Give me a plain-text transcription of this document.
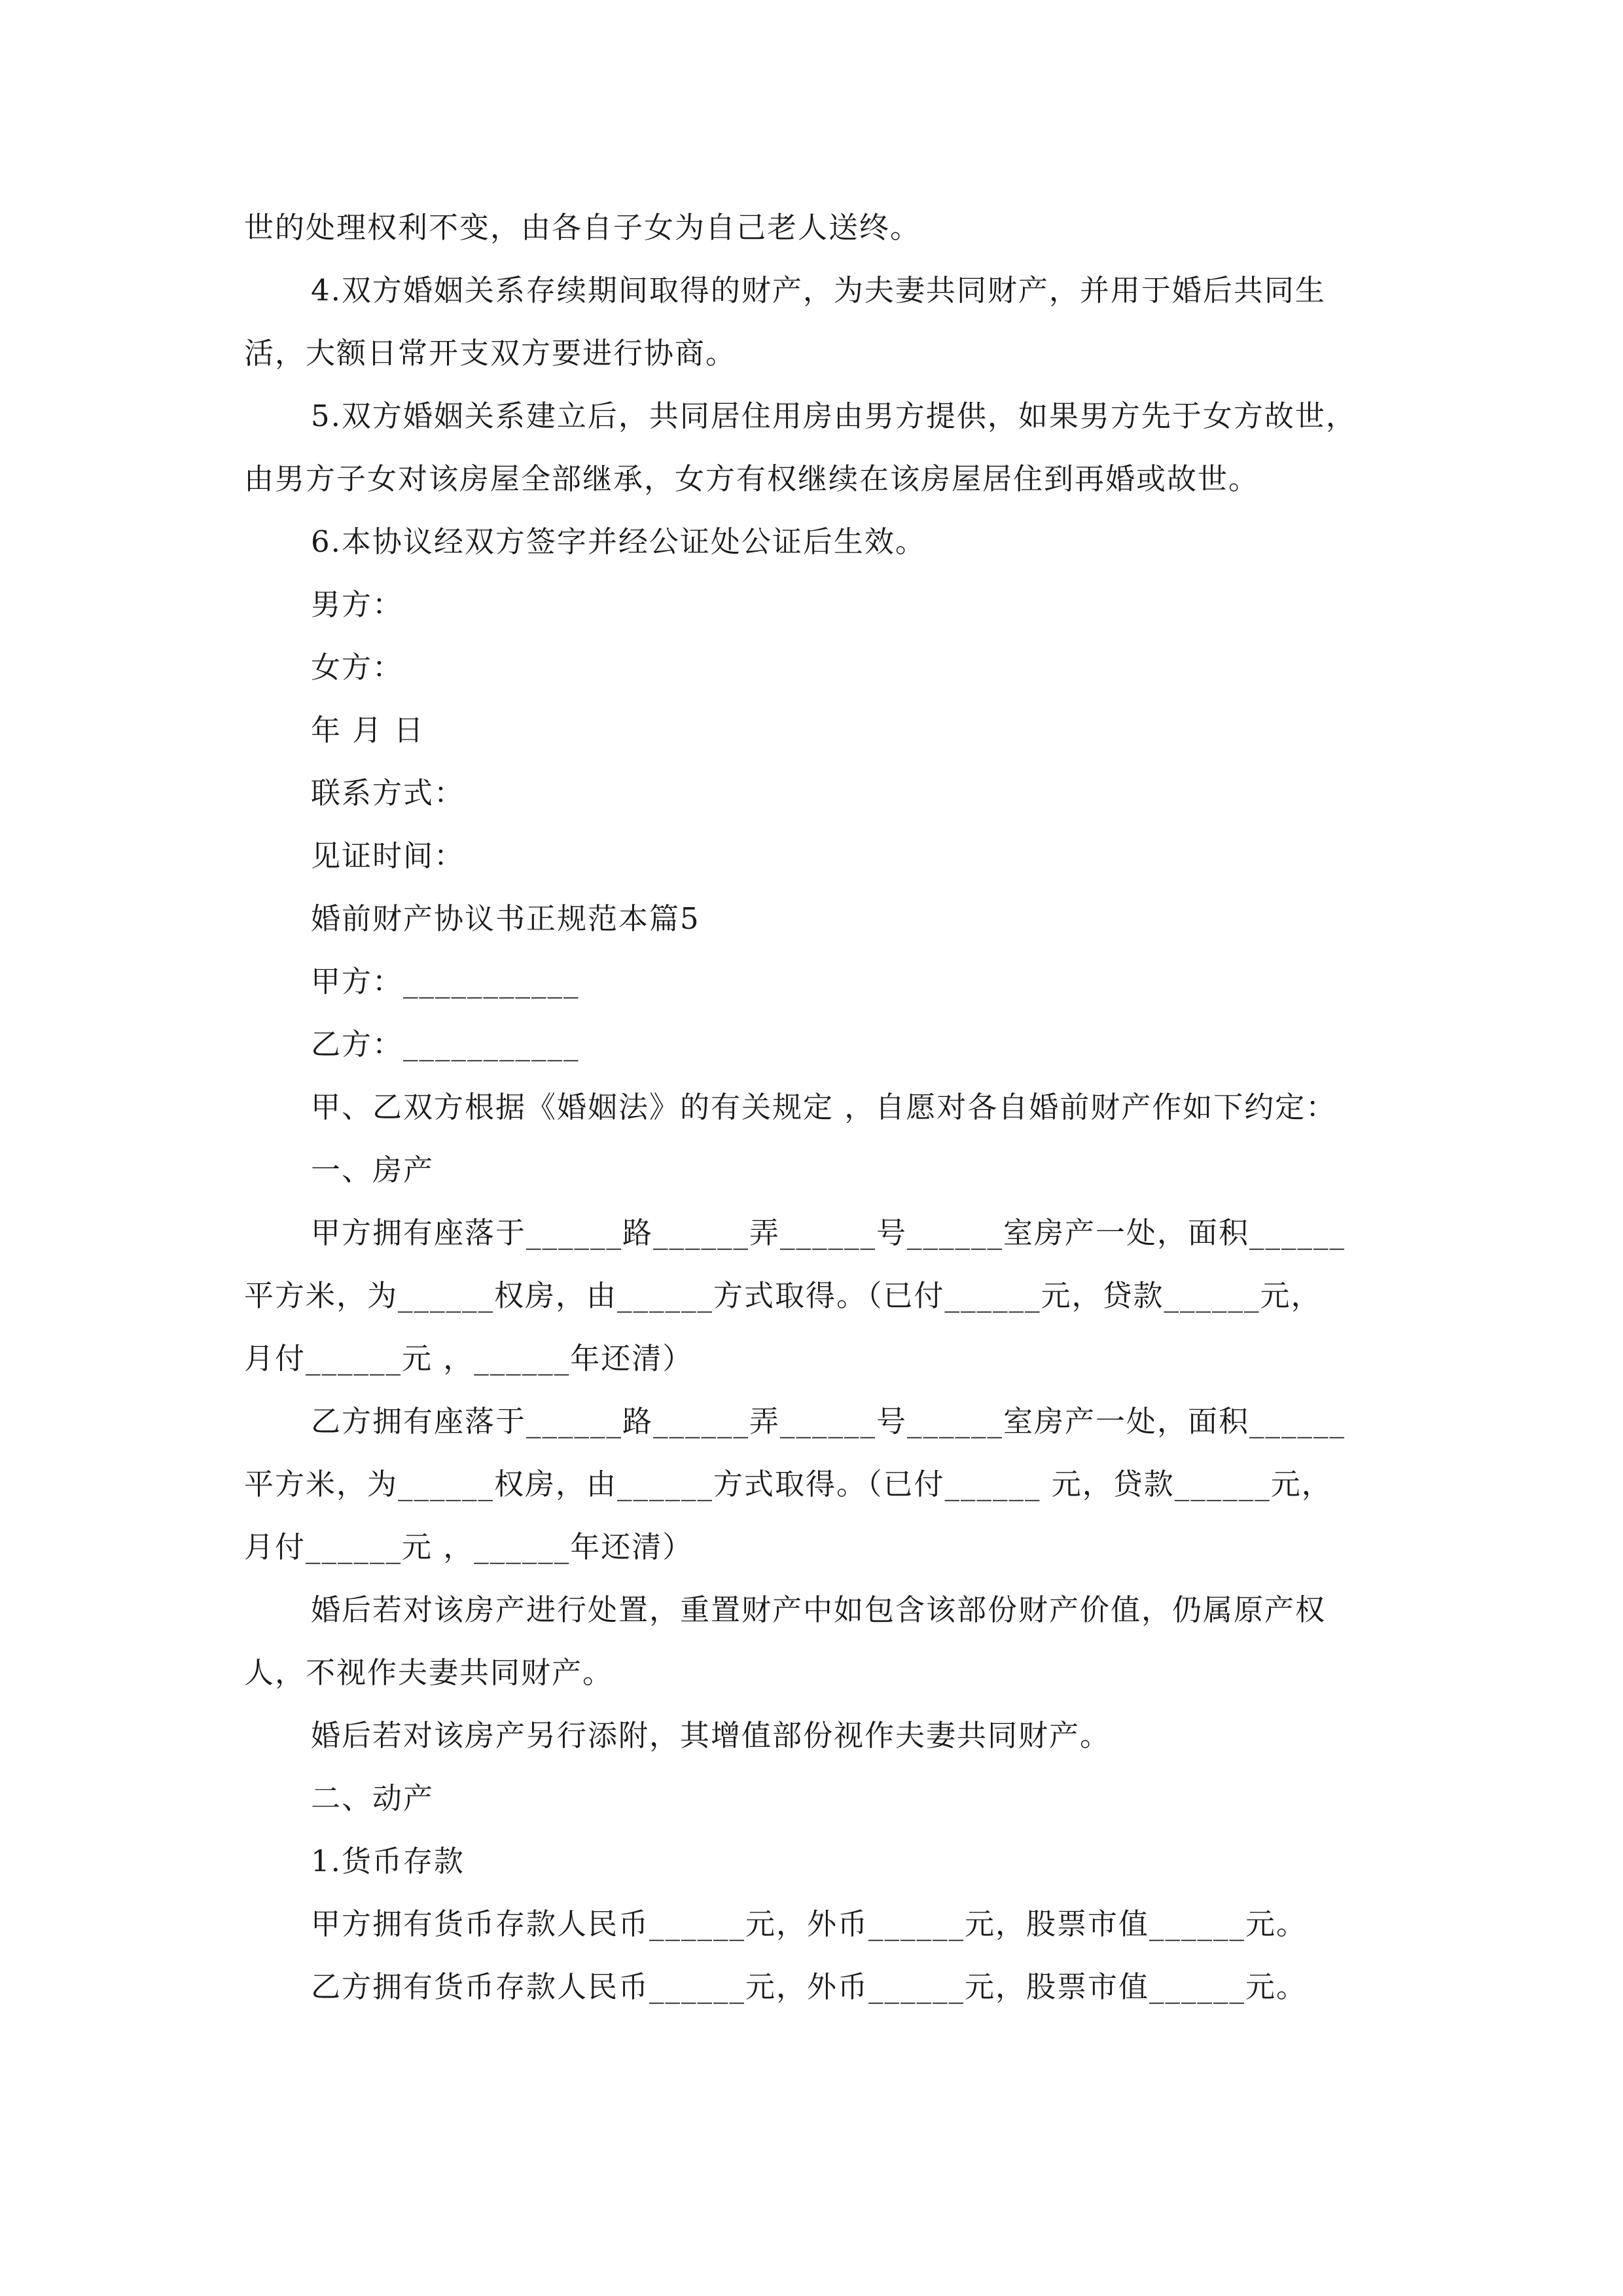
世的处理权利不变，由各自子女为自己老人送终。
4.双方婚姻关系存续期间取得的财产，为夫妻共同财产，并用于婚后共同生
活，大额日常开支双方要进行协商。
5.双方婚姻关系建立后，共同居住用房由男方提供，如果男方先于女方故世，
由男方子女对该房屋全部继承，女方有权继续在该房屋居住到再婚或故世。
6.本协议经双方签字并经公证处公证后生效。
男方：
女方：
年 月 日
联系方式：
见证时间：
婚前财产协议书正规范本篇5
甲方：___________
乙方：___________
甲、乙双方根据《婚姻法》的有关规定 ，自愿对各自婚前财产作如下约定：
一、房产
甲方拥有座落于______路______弄______号______室房产一处，面积______
平方米，为______权房，由______方式取得。（已付______元，贷款______元，
月付______元 ，______年还清）
乙方拥有座落于______路______弄______号______室房产一处，面积______
平方米，为______权房，由______方式取得。（已付______ 元，贷款______元，
月付______元 ，______年还清）
婚后若对该房产进行处置，重置财产中如包含该部份财产价值，仍属原产权
人，不视作夫妻共同财产。
婚后若对该房产另行添附，其增值部份视作夫妻共同财产。
二、动产
1.货币存款
甲方拥有货币存款人民币______元，外币______元，股票市值______元。
乙方拥有货币存款人民币______元，外币______元，股票市值______元。
